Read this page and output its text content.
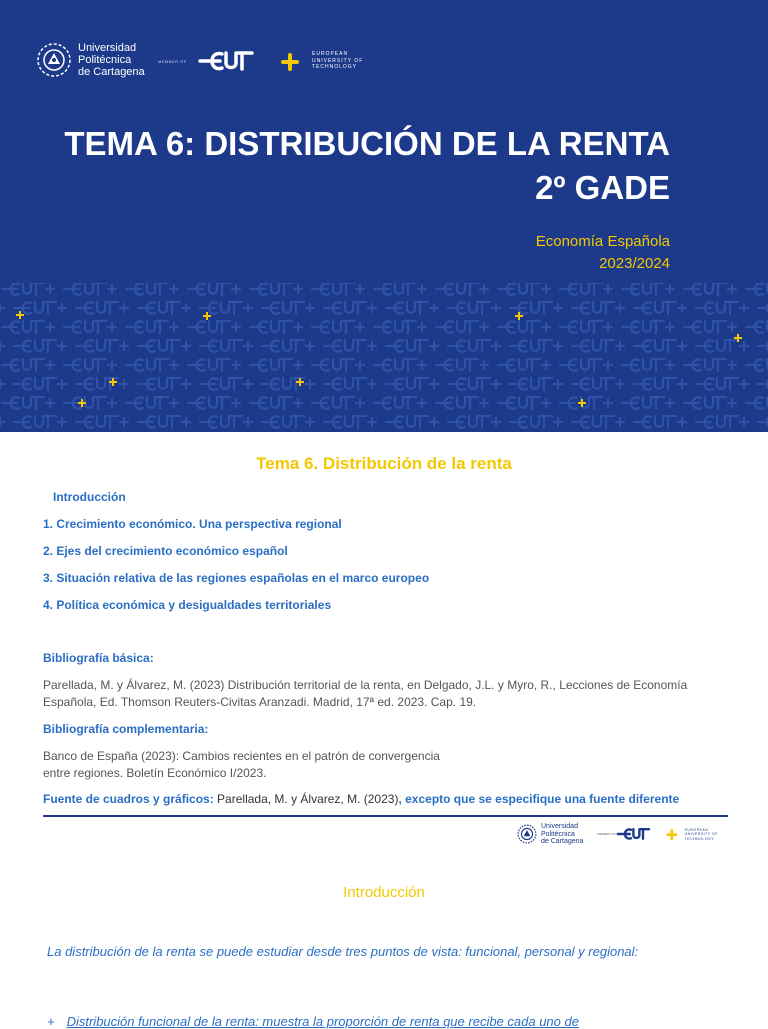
Universidad
Politécnica
de Cartagena
MEMBER OF
EUROPEAN
UNIVERSITY OF
TECHNOLOGY
TEMA 6: DISTRIBUCIÓN DE LA RENTA
2º GADE
Economía Española
2023/2024
Tema 6. Distribución de la renta
Introducción
1. Crecimiento económico. Una perspectiva regional
2. Ejes del crecimiento económico español
3. Situación relativa de las regiones españolas en el marco europeo
4. Política económica y desigualdades territoriales
Bibliografía básica:
Parellada, M. y Álvarez, M. (2023) Distribución territorial de la renta, en Delgado, J.L. y Myro, R., Lecciones de Economía
Española, Ed. Thomson Reuters-Civitas Aranzadi. Madrid, 17ª ed. 2023. Cap. 19.
Bibliografía complementaria:
Banco de España (2023): Cambios recientes en el patrón de convergencia
entre regiones. Boletín Económico I/2023.
Fuente de cuadros y gráficos: Parellada, M. y Álvarez, M. (2023), excepto que se especifique una fuente diferente
Universidad
Politécnica
de Cartagena
MEMBER OF
EUROPEAN
UNIVERSITY OF
TECHNOLOGY
Introducción
La distribución de la renta se puede estudiar desde tres puntos de vista: funcional, personal y regional:
+ Distribución funcional de la renta: muestra la proporción de renta que recibe cada uno de
